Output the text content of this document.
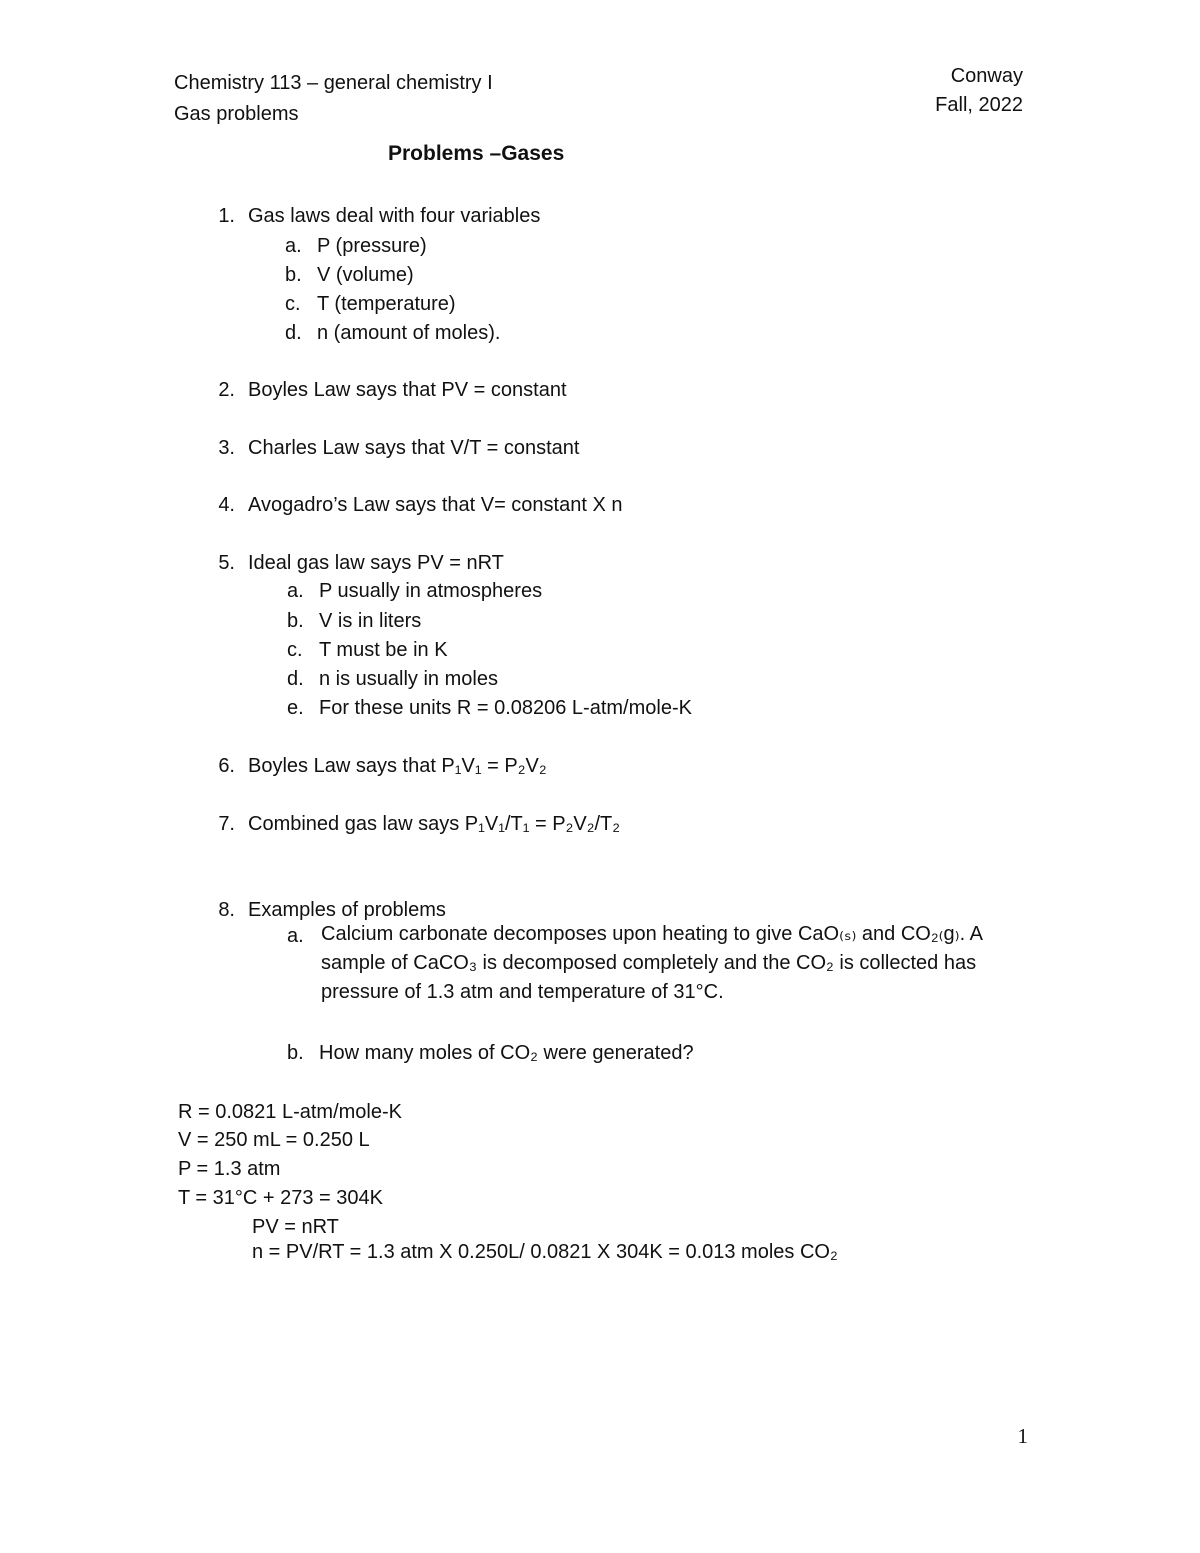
Chemistry 113 – general chemistry I
Gas problems
Conway
Fall, 2022
Problems –Gases
1. Gas laws deal with four variables
a. P (pressure)
b. V (volume)
c. T (temperature)
d. n (amount of moles).
2. Boyles Law says that PV = constant
3. Charles Law says that V/T = constant
4. Avogadro’s Law says that V= constant X n
5. Ideal gas law says PV = nRT
a. P usually in atmospheres
b. V is in liters
c. T must be in K
d. n is usually in moles
e. For these units R = 0.08206 L-atm/mole-K
6. Boyles Law says that P₁V₁ = P₂V₂
7. Combined gas law says P₁V₁/T₁ = P₂V₂/T₂
8. Examples of problems
a. Calcium carbonate decomposes upon heating to give CaO₍ₛ₎ and CO₂₍g₎. A sample of CaCO₃ is decomposed completely and the CO₂ is collected has pressure of 1.3 atm and temperature of 31°C.
b. How many moles of CO₂ were generated?
R = 0.0821 L-atm/mole-K
V = 250 mL = 0.250 L
P = 1.3 atm
T = 31°C + 273 = 304K
PV = nRT
n = PV/RT = 1.3 atm X 0.250L/ 0.0821 X 304K = 0.013 moles CO₂
1
